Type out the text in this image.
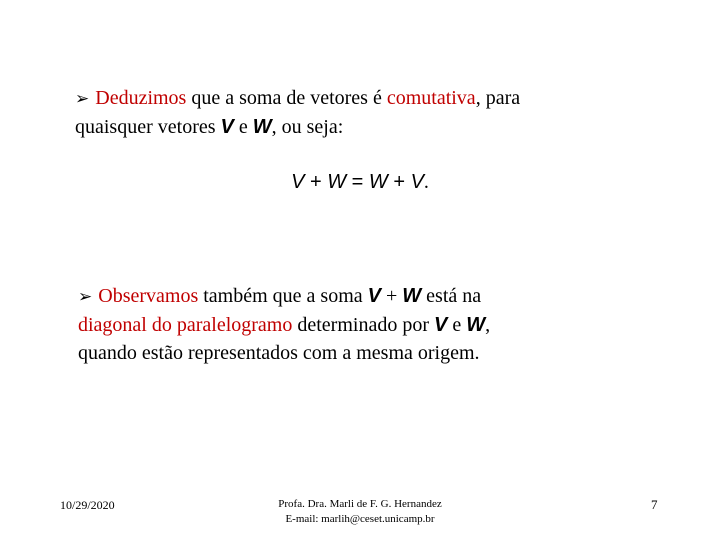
➢ Deduzimos que a soma de vetores é comutativa, para
quaisquer vetores V e W, ou seja:
V + W = W + V.
➢ Observamos também que a soma V + W está na
diagonal do paralelogramo determinado por V e W,
quando estão representados com a mesma origem.
10/29/2020	Profa. Dra. Marli de F. G. Hernandez
E-mail: marlih@ceset.unicamp.br
7
